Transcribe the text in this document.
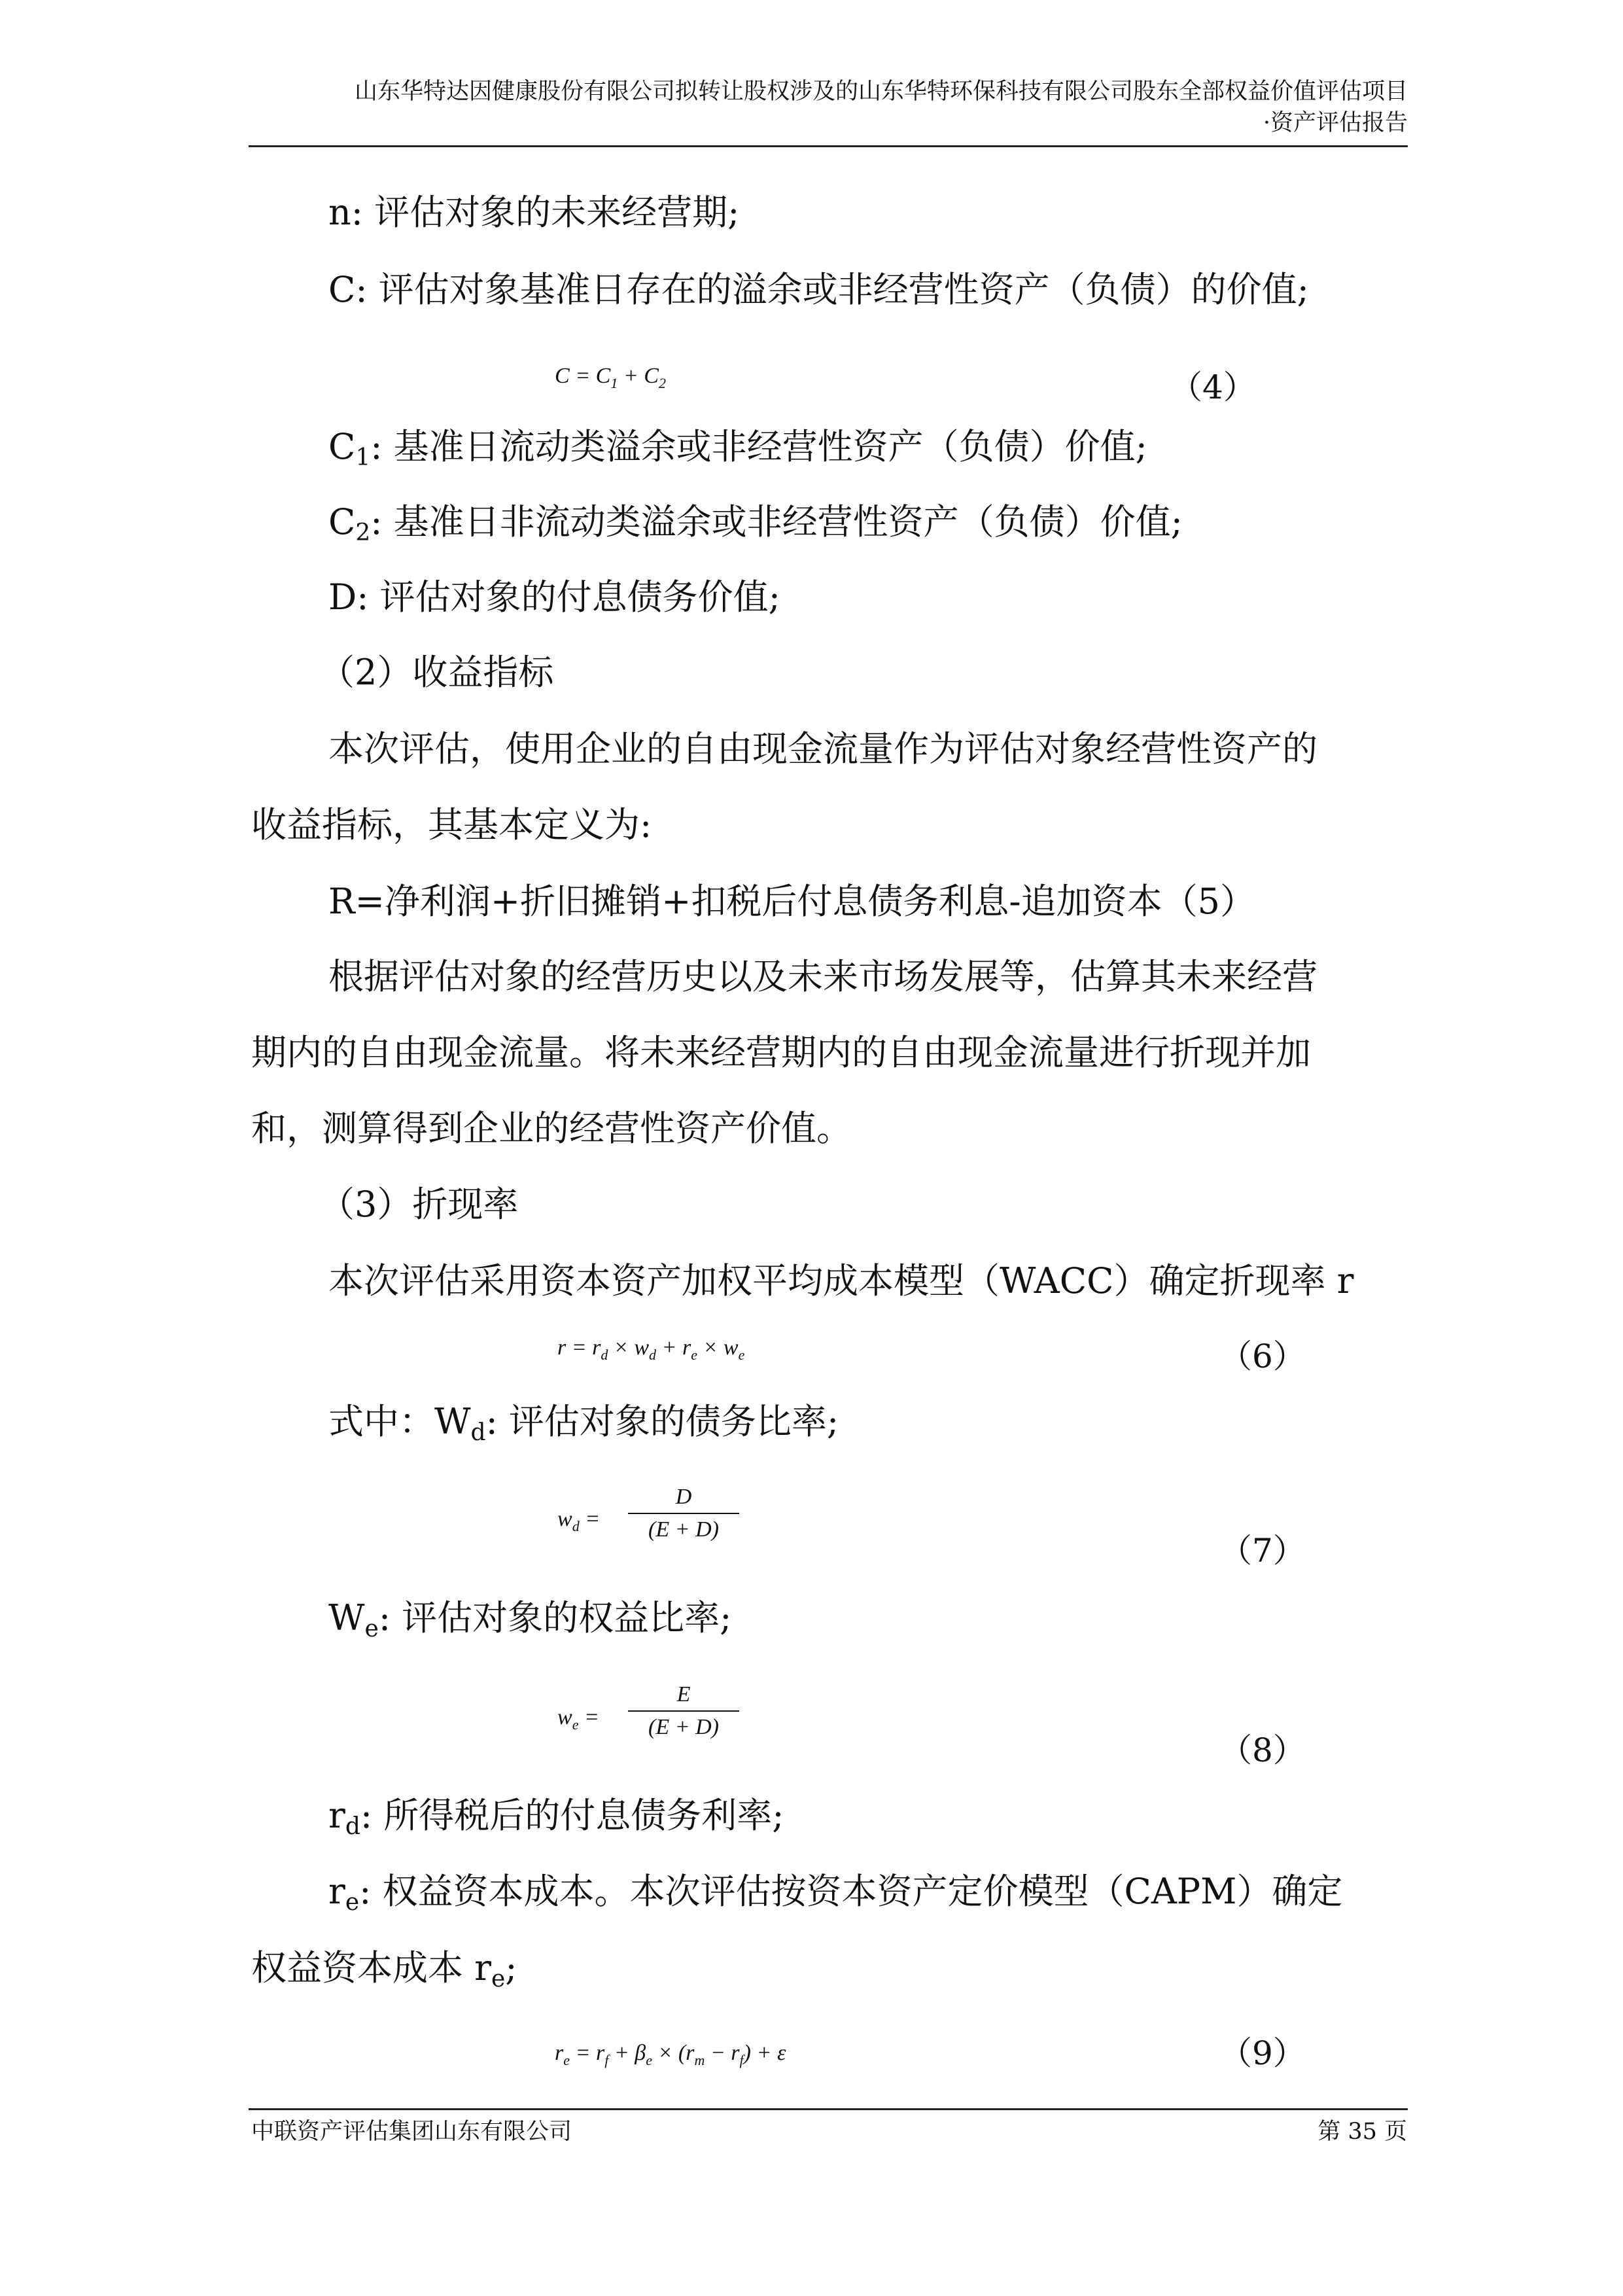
山东华特达因健康股份有限公司拟转让股权涉及的山东华特环保科技有限公司股东全部权益价值评估项目
·资产评估报告
n: 评估对象的未来经营期;
C: 评估对象基准日存在的溢余或非经营性资产（负债）的价值;
$C = C_1 + C_2$	（4）
$C_1$: 基准日流动类溢余或非经营性资产（负债）价值;
$C_2$: 基准日非流动类溢余或非经营性资产（负债）价值;
D: 评估对象的付息债务价值;
（2）收益指标
本次评估，使用企业的自由现金流量作为评估对象经营性资产的
收益指标，其基本定义为:
R=净利润+折旧摊销+扣税后付息债务利息-追加资本（5）
根据评估对象的经营历史以及未来市场发展等，估算其未来经营
期内的自由现金流量。将未来经营期内的自由现金流量进行折现并加
和，测算得到企业的经营性资产价值。
（3）折现率
本次评估采用资本资产加权平均成本模型（WACC）确定折现率 r
$r = r_d \times w_d + r_e \times w_e$	（6）
式中：$W_d$: 评估对象的债务比率;
$w_d$ =
D
(E + D)
（7）
$W_e$: 评估对象的权益比率;
$w_e$ =
E
(E + D)
（8）
$r_d$: 所得税后的付息债务利率;
$r_e$: 权益资本成本。本次评估按资本资产定价模型（CAPM）确定
权益资本成本 $r_e$;
$r_e = r_f + \beta_e \times (r_m - r_f) + \varepsilon$	（9）
中联资产评估集团山东有限公司	第 35 页
